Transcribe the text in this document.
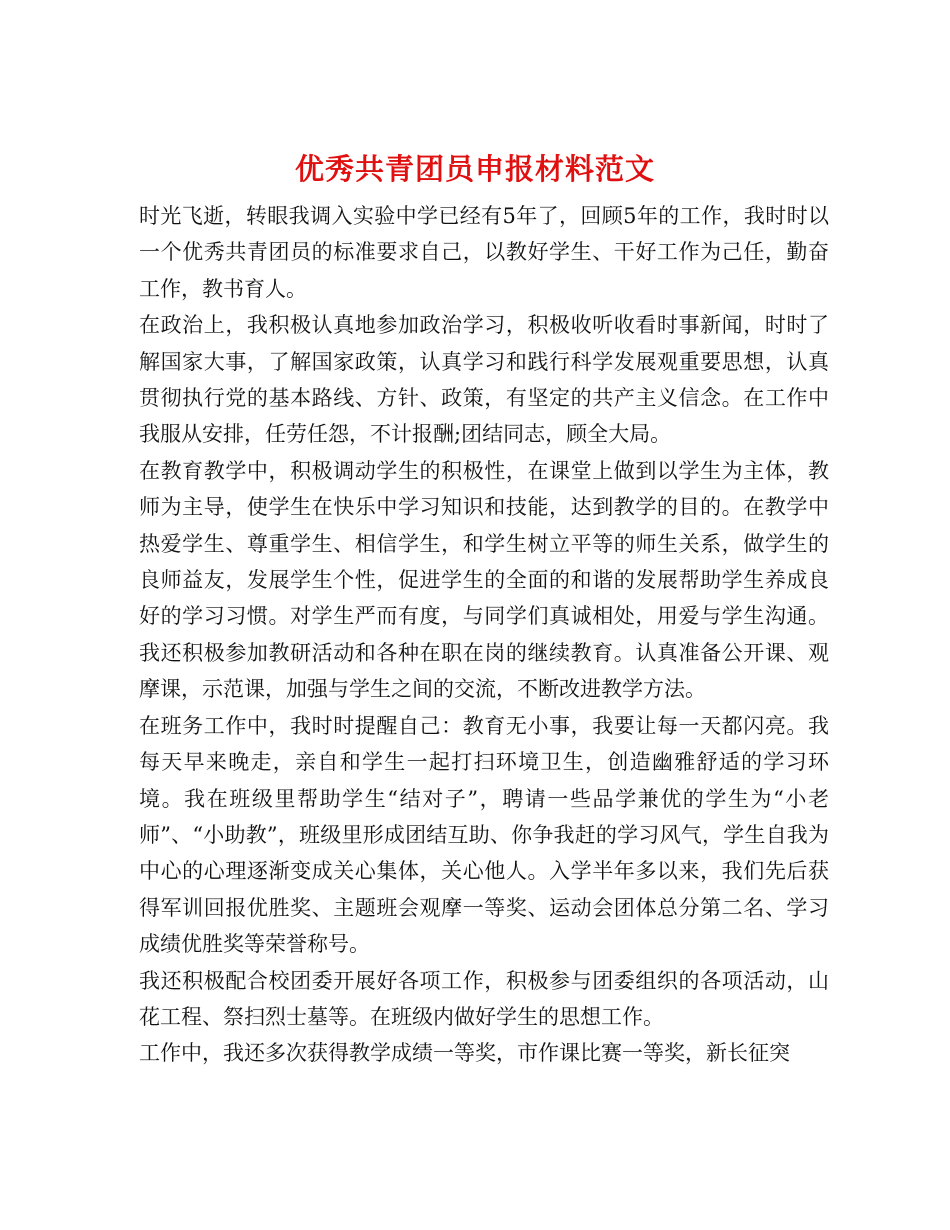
优秀共青团员申报材料范文

时光飞逝，转眼我调入实验中学已经有5年了，回顾5年的工作，我时时以一个优秀共青团员的标准要求自己，以教好学生、干好工作为己任，勤奋工作，教书育人。

在政治上，我积极认真地参加政治学习，积极收听收看时事新闻，时时了解国家大事，了解国家政策，认真学习和践行科学发展观重要思想，认真贯彻执行党的基本路线、方针、政策，有坚定的共产主义信念。在工作中我服从安排，任劳任怨，不计报酬;团结同志，顾全大局。

在教育教学中，积极调动学生的积极性，在课堂上做到以学生为主体，教师为主导，使学生在快乐中学习知识和技能，达到教学的目的。在教学中热爱学生、尊重学生、相信学生，和学生树立平等的师生关系，做学生的良师益友，发展学生个性，促进学生的全面的和谐的发展帮助学生养成良好的学习习惯。对学生严而有度，与同学们真诚相处，用爱与学生沟通。我还积极参加教研活动和各种在职在岗的继续教育。认真准备公开课、观摩课，示范课，加强与学生之间的交流，不断改进教学方法。

在班务工作中，我时时提醒自己：教育无小事，我要让每一天都闪亮。我每天早来晚走，亲自和学生一起打扫环境卫生，创造幽雅舒适的学习环境。我在班级里帮助学生“结对子”，聘请一些品学兼优的学生为“小老师”、“小助教”，班级里形成团结互助、你争我赶的学习风气，学生自我为中心的心理逐渐变成关心集体，关心他人。入学半年多以来，我们先后获得军训回报优胜奖、主题班会观摩一等奖、运动会团体总分第二名、学习成绩优胜奖等荣誉称号。

我还积极配合校团委开展好各项工作，积极参与团委组织的各项活动，山花工程、祭扫烈士墓等。在班级内做好学生的思想工作。

工作中，我还多次获得教学成绩一等奖，市作课比赛一等奖，新长征突
